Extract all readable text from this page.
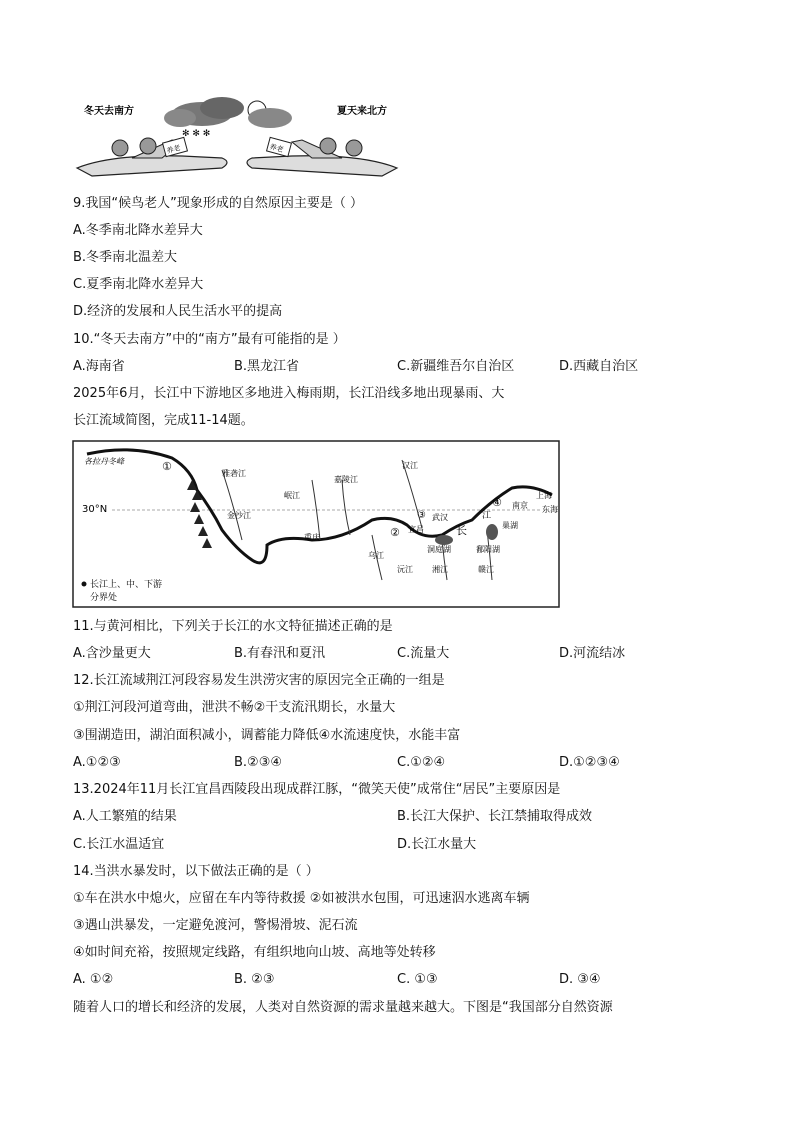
冬天去南方	夏天来北方
✻ ✻ ✻
养老	养老
9.我国“候鸟老人”现象形成的自然原因主要是（ ）
A.冬季南北降水差异大
B.冬季南北温差大
C.夏季南北降水差异大
D.经济的发展和人民生活水平的提高
10.“冬天去南方”中的“南方”最有可能指的是 ）
A.海南省	B.黑龙江省	C.新疆维吾尔自治区	D.西藏自治区
2025年6月，长江中下游地区多地进入梅雨期，长江沿线多地出现暴雨、大
长江流域简图，完成11-14题。
30°N
各拉丹冬峰	①
②
③
④
雅砻江
金沙江
岷江
嘉陵江
汉江
乌江
湘江	赣江
沅江
重庆
武汉
南京
上海
宜昌
洞庭湖	鄱阳湖
巢湖
长
江
东海
长江上、中、下游
分界处
11.与黄河相比，下列关于长江的水文特征描述正确的是
A.含沙量更大	B.有春汛和夏汛	C.流量大	D.河流结冰
12.长江流域荆江河段容易发生洪涝灾害的原因完全正确的一组是
①荆江河段河道弯曲，泄洪不畅②干支流汛期长，水量大
③围湖造田，湖泊面积减小，调蓄能力降低④水流速度快，水能丰富
A.①②③	B.②③④	C.①②④	D.①②③④
13.2024年11月长江宜昌西陵段出现成群江豚，“微笑天使”成常住“居民”主要原因是
A.人工繁殖的结果	B.长江大保护、长江禁捕取得成效
C.长江水温适宜	D.长江水量大
14.当洪水暴发时，以下做法正确的是（ ）
①车在洪水中熄火，应留在车内等待救援 ②如被洪水包围，可迅速泅水逃离车辆
③遇山洪暴发，一定避免渡河，警惕滑坡、泥石流
④如时间充裕，按照规定线路，有组织地向山坡、高地等处转移
A. ①②	B. ②③	C. ①③	D. ③④
随着人口的增长和经济的发展，人类对自然资源的需求量越来越大。下图是“我国部分自然资源
